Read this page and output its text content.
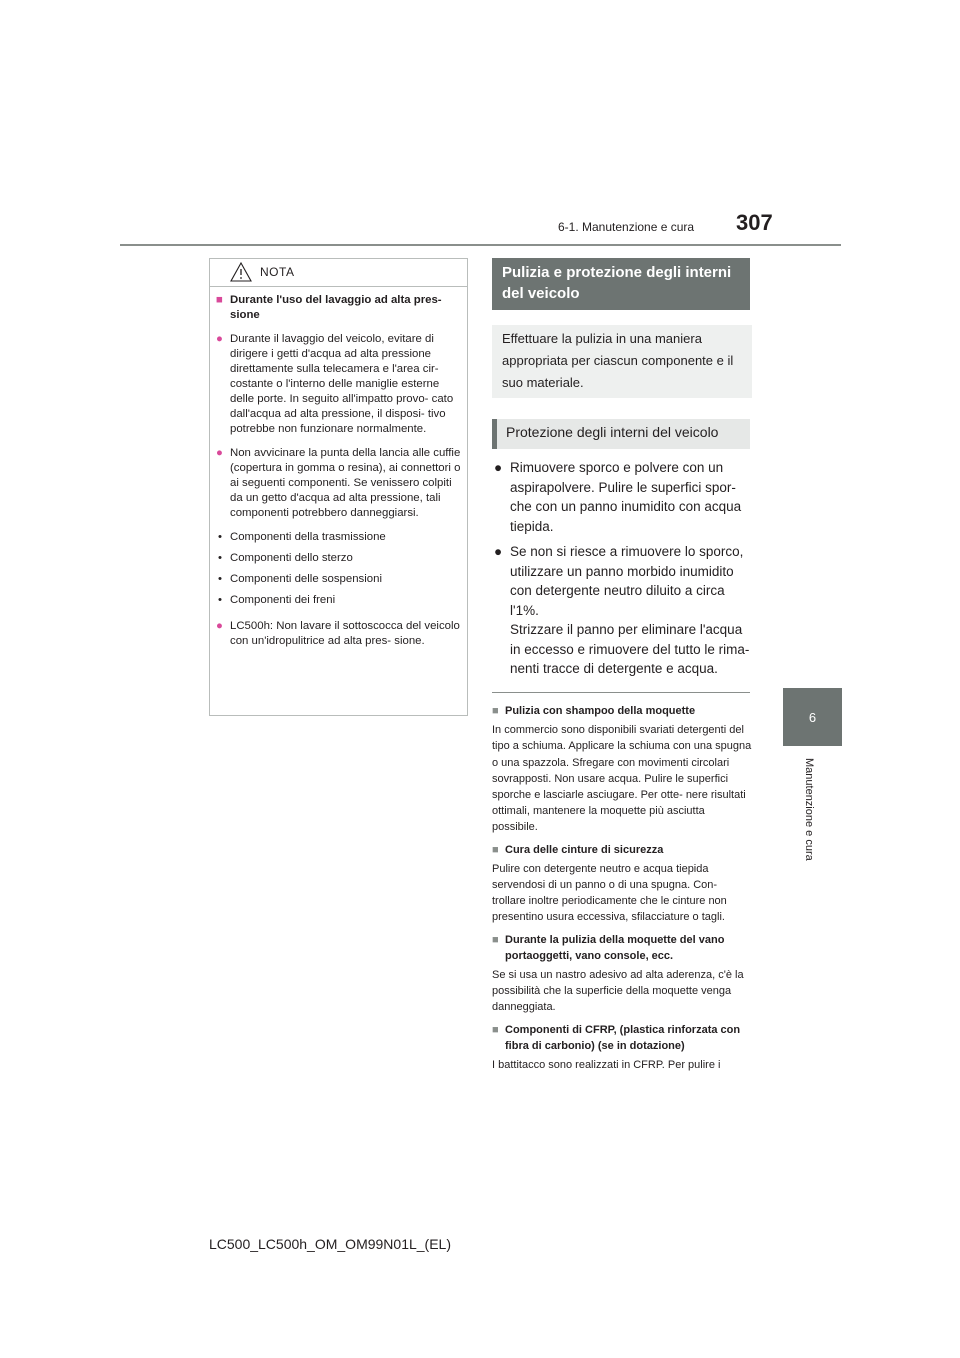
6-1. Manutenzione e cura 307
6
Manutenzione e cura
NOTA
■ Durante l'uso del lavaggio ad alta pres- sione
● Durante il lavaggio del veicolo, evitare di dirigere i getti d'acqua ad alta pressione direttamente sulla telecamera e l'area cir- costante o l'interno delle maniglie esterne delle porte. In seguito all'impatto provo- cato dall'acqua ad alta pressione, il disposi- tivo potrebbe non funzionare normalmente.
● Non avvicinare la punta della lancia alle cuffie (copertura in gomma o resina), ai connettori o ai seguenti componenti. Se venissero colpiti da un getto d'acqua ad alta pressione, tali componenti potrebbero danneggiarsi.
• Componenti della trasmissione
• Componenti dello sterzo
• Componenti delle sospensioni
• Componenti dei freni
● LC500h: Non lavare il sottoscocca del veicolo con un'idropulitrice ad alta pres- sione.
Pulizia e protezione degli interni del veicolo
Effettuare la pulizia in una maniera appropriata per ciascun componente e il suo materiale.
Protezione degli interni del veicolo
● Rimuovere sporco e polvere con un aspirapolvere. Pulire le superfici spor- che con un panno inumidito con acqua tiepida.
● Se non si riesce a rimuovere lo sporco, utilizzare un panno morbido inumidito con detergente neutro diluito a circa l'1%.
Strizzare il panno per eliminare l'acqua in eccesso e rimuovere del tutto le rima- nenti tracce di detergente e acqua.
■ Pulizia con shampoo della moquette
In commercio sono disponibili svariati detergenti del tipo a schiuma. Applicare la schiuma con una spugna o una spazzola. Sfregare con movimenti circolari sovrapposti. Non usare acqua. Pulire le superfici sporche e lasciarle asciugare. Per otte- nere risultati ottimali, mantenere la moquette più asciutta possibile.
■ Cura delle cinture di sicurezza
Pulire con detergente neutro e acqua tiepida servendosi di un panno o di una spugna. Con- trollare inoltre periodicamente che le cinture non presentino usura eccessiva, sfilacciature o tagli.
■ Durante la pulizia della moquette del vano portaoggetti, vano console, ecc.
Se si usa un nastro adesivo ad alta aderenza, c'è la possibilità che la superficie della moquette venga danneggiata.
■ Componenti di CFRP, (plastica rinforzata con fibra di carbonio) (se in dotazione)
I battitacco sono realizzati in CFRP. Per pulire i
LC500_LC500h_OM_OM99N01L_(EL)
